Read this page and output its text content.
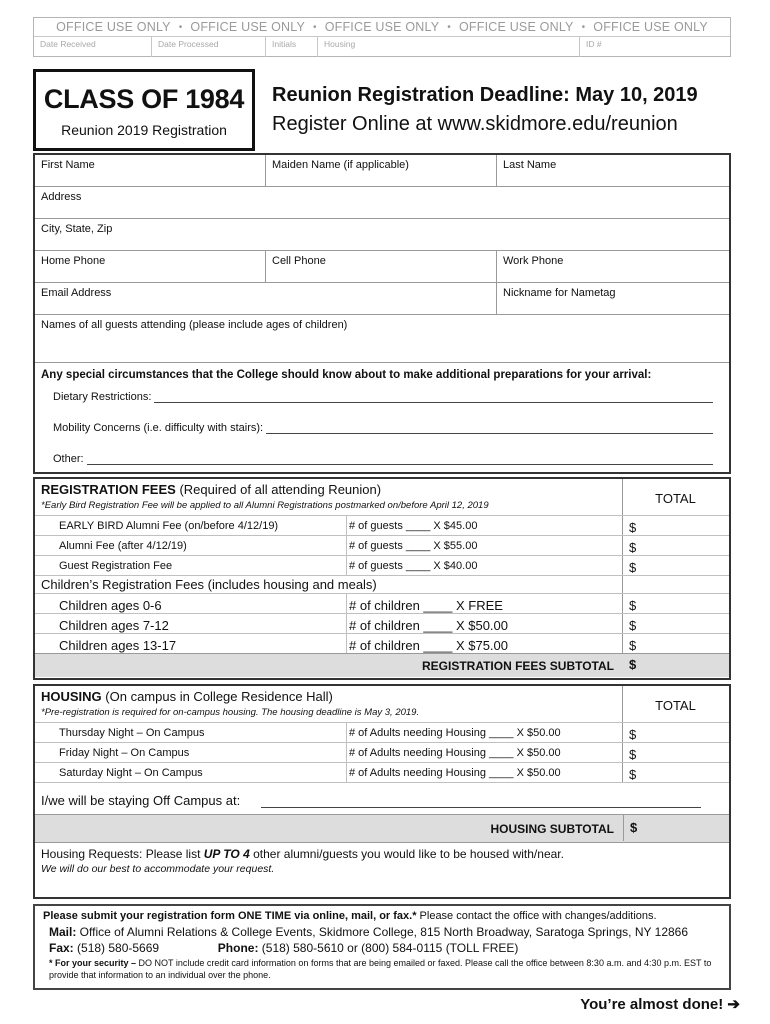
OFFICE USE ONLY • OFFICE USE ONLY • OFFICE USE ONLY • OFFICE USE ONLY • OFFICE USE ONLY
Date Received	Date Processed	Initials	Housing	ID #
CLASS OF 1984
Reunion 2019 Registration
Reunion Registration Deadline: May 10, 2019
Register Online at www.skidmore.edu/reunion
First Name	Maiden Name (if applicable)	Last Name
Address
City, State, Zip
Home Phone	Cell Phone	Work Phone
Email Address	Nickname for Nametag
Names of all guests attending (please include ages of children)
Any special circumstances that the College should know about to make additional preparations for your arrival:
Dietary Restrictions:
Mobility Concerns (i.e. difficulty with stairs):
Other:
REGISTRATION FEES (Required of all attending Reunion)
*Early Bird Registration Fee will be applied to all Alumni Registrations postmarked on/before April 12, 2019	TOTAL
EARLY BIRD Alumni Fee (on/before 4/12/19)	# of guests ____ X $45.00	$
Alumni Fee (after 4/12/19)	# of guests ____ X $55.00	$
Guest Registration Fee	# of guests ____ X $40.00	$
Children’s Registration Fees (includes housing and meals)
Children ages 0-6	# of children ____ X FREE	$
Children ages 7-12	# of children ____ X $50.00	$
Children ages 13-17	# of children ____ X $75.00	$
REGISTRATION FEES SUBTOTAL $
HOUSING (On campus in College Residence Hall)
*Pre-registration is required for on-campus housing. The housing deadline is May 3, 2019.	TOTAL
Thursday Night – On Campus	# of Adults needing Housing ____ X $50.00	$
Friday Night – On Campus	# of Adults needing Housing ____ X $50.00	$
Saturday Night – On Campus	# of Adults needing Housing ____ X $50.00	$
I/we will be staying Off Campus at:
HOUSING SUBTOTAL	$
Housing Requests: Please list UP TO 4 other alumni/guests you would like to be housed with/near.
We will do our best to accommodate your request.
Please submit your registration form ONE TIME via online, mail, or fax.* Please contact the office with changes/additions.
Mail: Office of Alumni Relations & College Events, Skidmore College, 815 North Broadway, Saratoga Springs, NY 12866
Fax: (518) 580-5669	Phone: (518) 580-5610 or (800) 584-0115 (TOLL FREE)
* For your security – DO NOT include credit card information on forms that are being emailed or faxed. Please call the office between 8:30 a.m. and 4:30 p.m. EST to provide that information to an individual over the phone.
You’re almost done! ➔
